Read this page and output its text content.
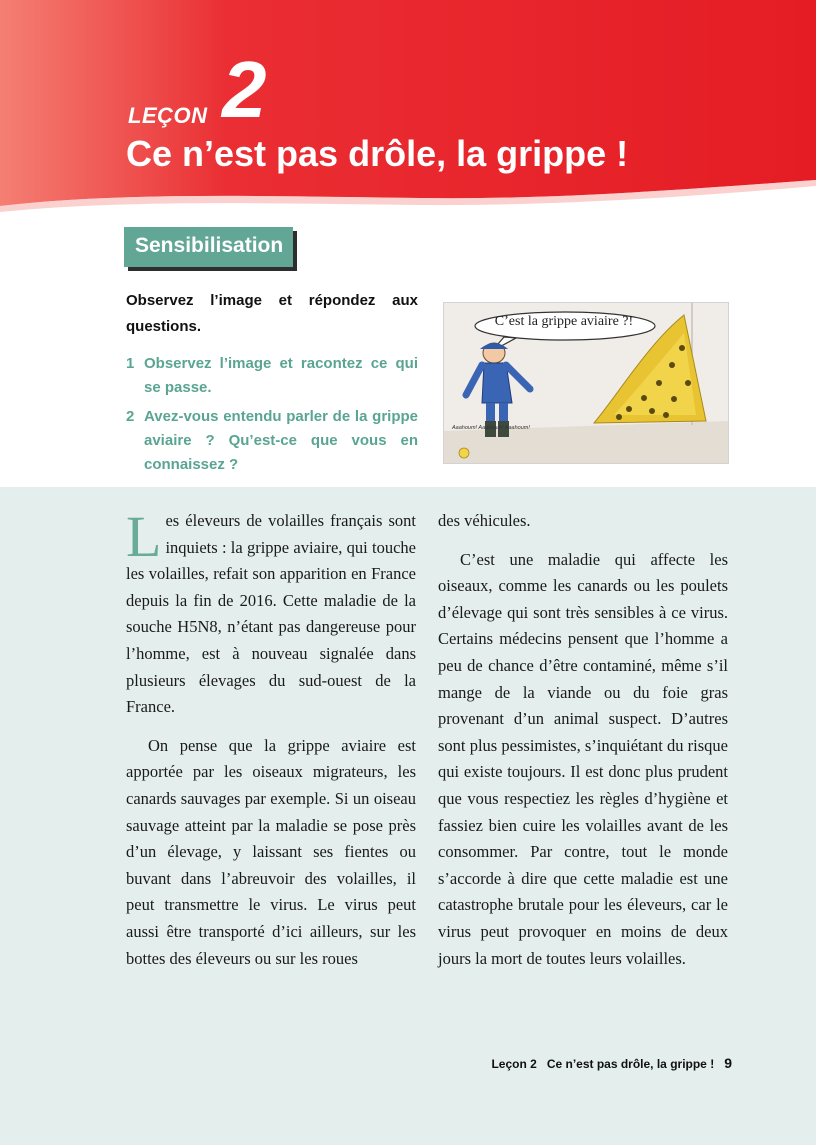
LEÇON 2
Ce n’est pas drôle, la grippe !
Sensibilisation
Observez l’image et répondez aux questions.
1 Observez l’image et racontez ce qui se passe.
2 Avez-vous entendu parler de la grippe aviaire ? Qu’est-ce que vous en connaissez ?
Aaahoum! Aaahoum! Aaahoum!
C’est la grippe aviaire ?!

Les éleveurs de volailles français sont inquiets : la grippe aviaire, qui touche les volailles, refait son apparition en France depuis la fin de 2016. Cette maladie de la souche H5N8, n’étant pas dangereuse pour l’homme, est à nouveau signalée dans plusieurs élevages du sud-ouest de la France.

On pense que la grippe aviaire est apportée par les oiseaux migrateurs, les canards sauvages par exemple. Si un oiseau sauvage atteint par la maladie se pose près d’un élevage, y laissant ses fientes ou buvant dans l’abreuvoir des volailles, il peut transmettre le virus. Le virus peut aussi être transporté d’ici ailleurs, sur les bottes des éleveurs ou sur les roues

des véhicules.

C’est une maladie qui affecte les oiseaux, comme les canards ou les poulets d’élevage qui sont très sensibles à ce virus. Certains médecins pensent que l’homme a peu de chance d’être contaminé, même s’il mange de la viande ou du foie gras provenant d’un animal suspect. D’autres sont plus pessimistes, s’inquiétant du risque qui existe toujours. Il est donc plus prudent que vous respectiez les règles d’hygiène et fassiez bien cuire les volailles avant de les consommer. Par contre, tout le monde s’accorde à dire que cette maladie est une catastrophe brutale pour les éleveurs, car le virus peut provoquer en moins de deux jours la mort de toutes leurs volailles.

Leçon 2   Ce n’est pas drôle, la grippe ! 9
